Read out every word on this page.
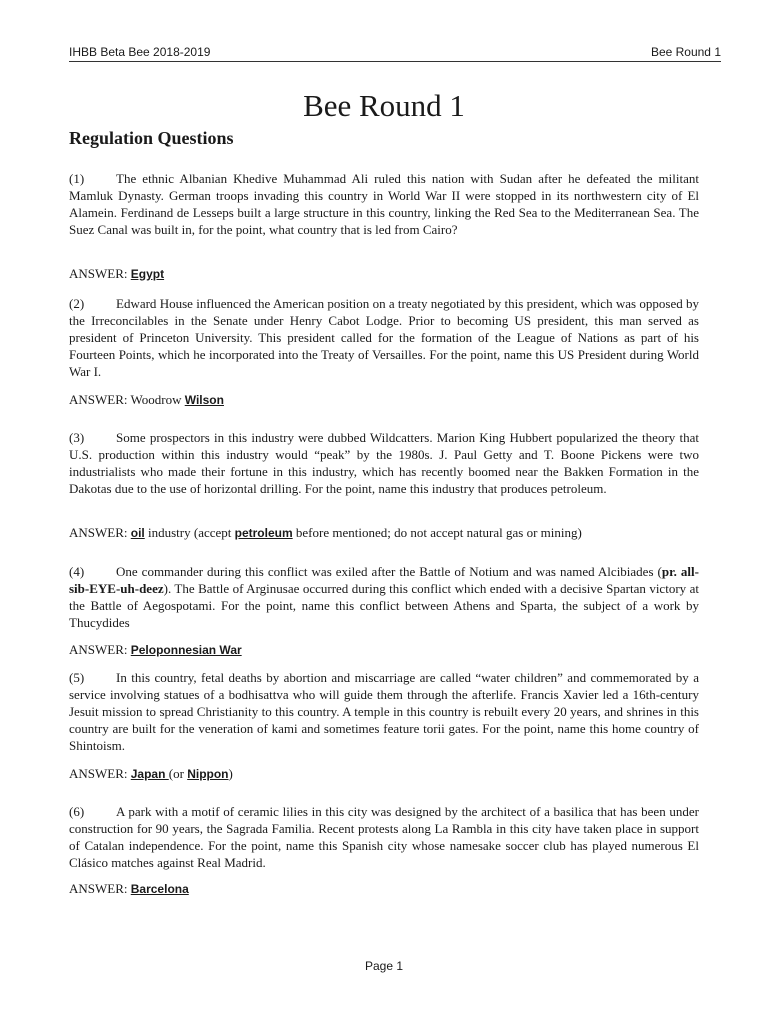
IHBB Beta Bee 2018-2019	Bee Round 1
Bee Round 1
Regulation Questions

(1) The ethnic Albanian Khedive Muhammad Ali ruled this nation with Sudan after he defeated the militant Mamluk Dynasty. German troops invading this country in World War II were stopped in its northwestern city of El Alamein. Ferdinand de Lesseps built a large structure in this country, linking the Red Sea to the Mediterranean Sea. The Suez Canal was built in, for the point, what country that is led from Cairo?

ANSWER: Egypt

(2) Edward House influenced the American position on a treaty negotiated by this president, which was opposed by the Irreconcilables in the Senate under Henry Cabot Lodge. Prior to becoming US president, this man served as president of Princeton University. This president called for the formation of the League of Nations as part of his Fourteen Points, which he incorporated into the Treaty of Versailles. For the point, name this US President during World War I.

ANSWER: Woodrow Wilson

(3) Some prospectors in this industry were dubbed Wildcatters. Marion King Hubbert popularized the theory that U.S. production within this industry would “peak” by the 1980s. J. Paul Getty and T. Boone Pickens were two industrialists who made their fortune in this industry, which has recently boomed near the Bakken Formation in the Dakotas due to the use of horizontal drilling. For the point, name this industry that produces petroleum.

ANSWER: oil industry (accept petroleum before mentioned; do not accept natural gas or mining)

(4) One commander during this conflict was exiled after the Battle of Notium and was named Alcibiades (pr. all-sib-EYE-uh-deez). The Battle of Arginusae occurred during this conflict which ended with a decisive Spartan victory at the Battle of Aegospotami. For the point, name this conflict between Athens and Sparta, the subject of a work by Thucydides

ANSWER: Peloponnesian War

(5) In this country, fetal deaths by abortion and miscarriage are called “water children” and commemorated by a service involving statues of a bodhisattva who will guide them through the afterlife. Francis Xavier led a 16th-century Jesuit mission to spread Christianity to this country. A temple in this country is rebuilt every 20 years, and shrines in this country are built for the veneration of kami and sometimes feature torii gates. For the point, name this home country of Shintoism.

ANSWER: Japan (or Nippon)

(6) A park with a motif of ceramic lilies in this city was designed by the architect of a basilica that has been under construction for 90 years, the Sagrada Familia. Recent protests along La Rambla in this city have taken place in support of Catalan independence. For the point, name this Spanish city whose namesake soccer club has played numerous El Clásico matches against Real Madrid.

ANSWER: Barcelona

Page 1
